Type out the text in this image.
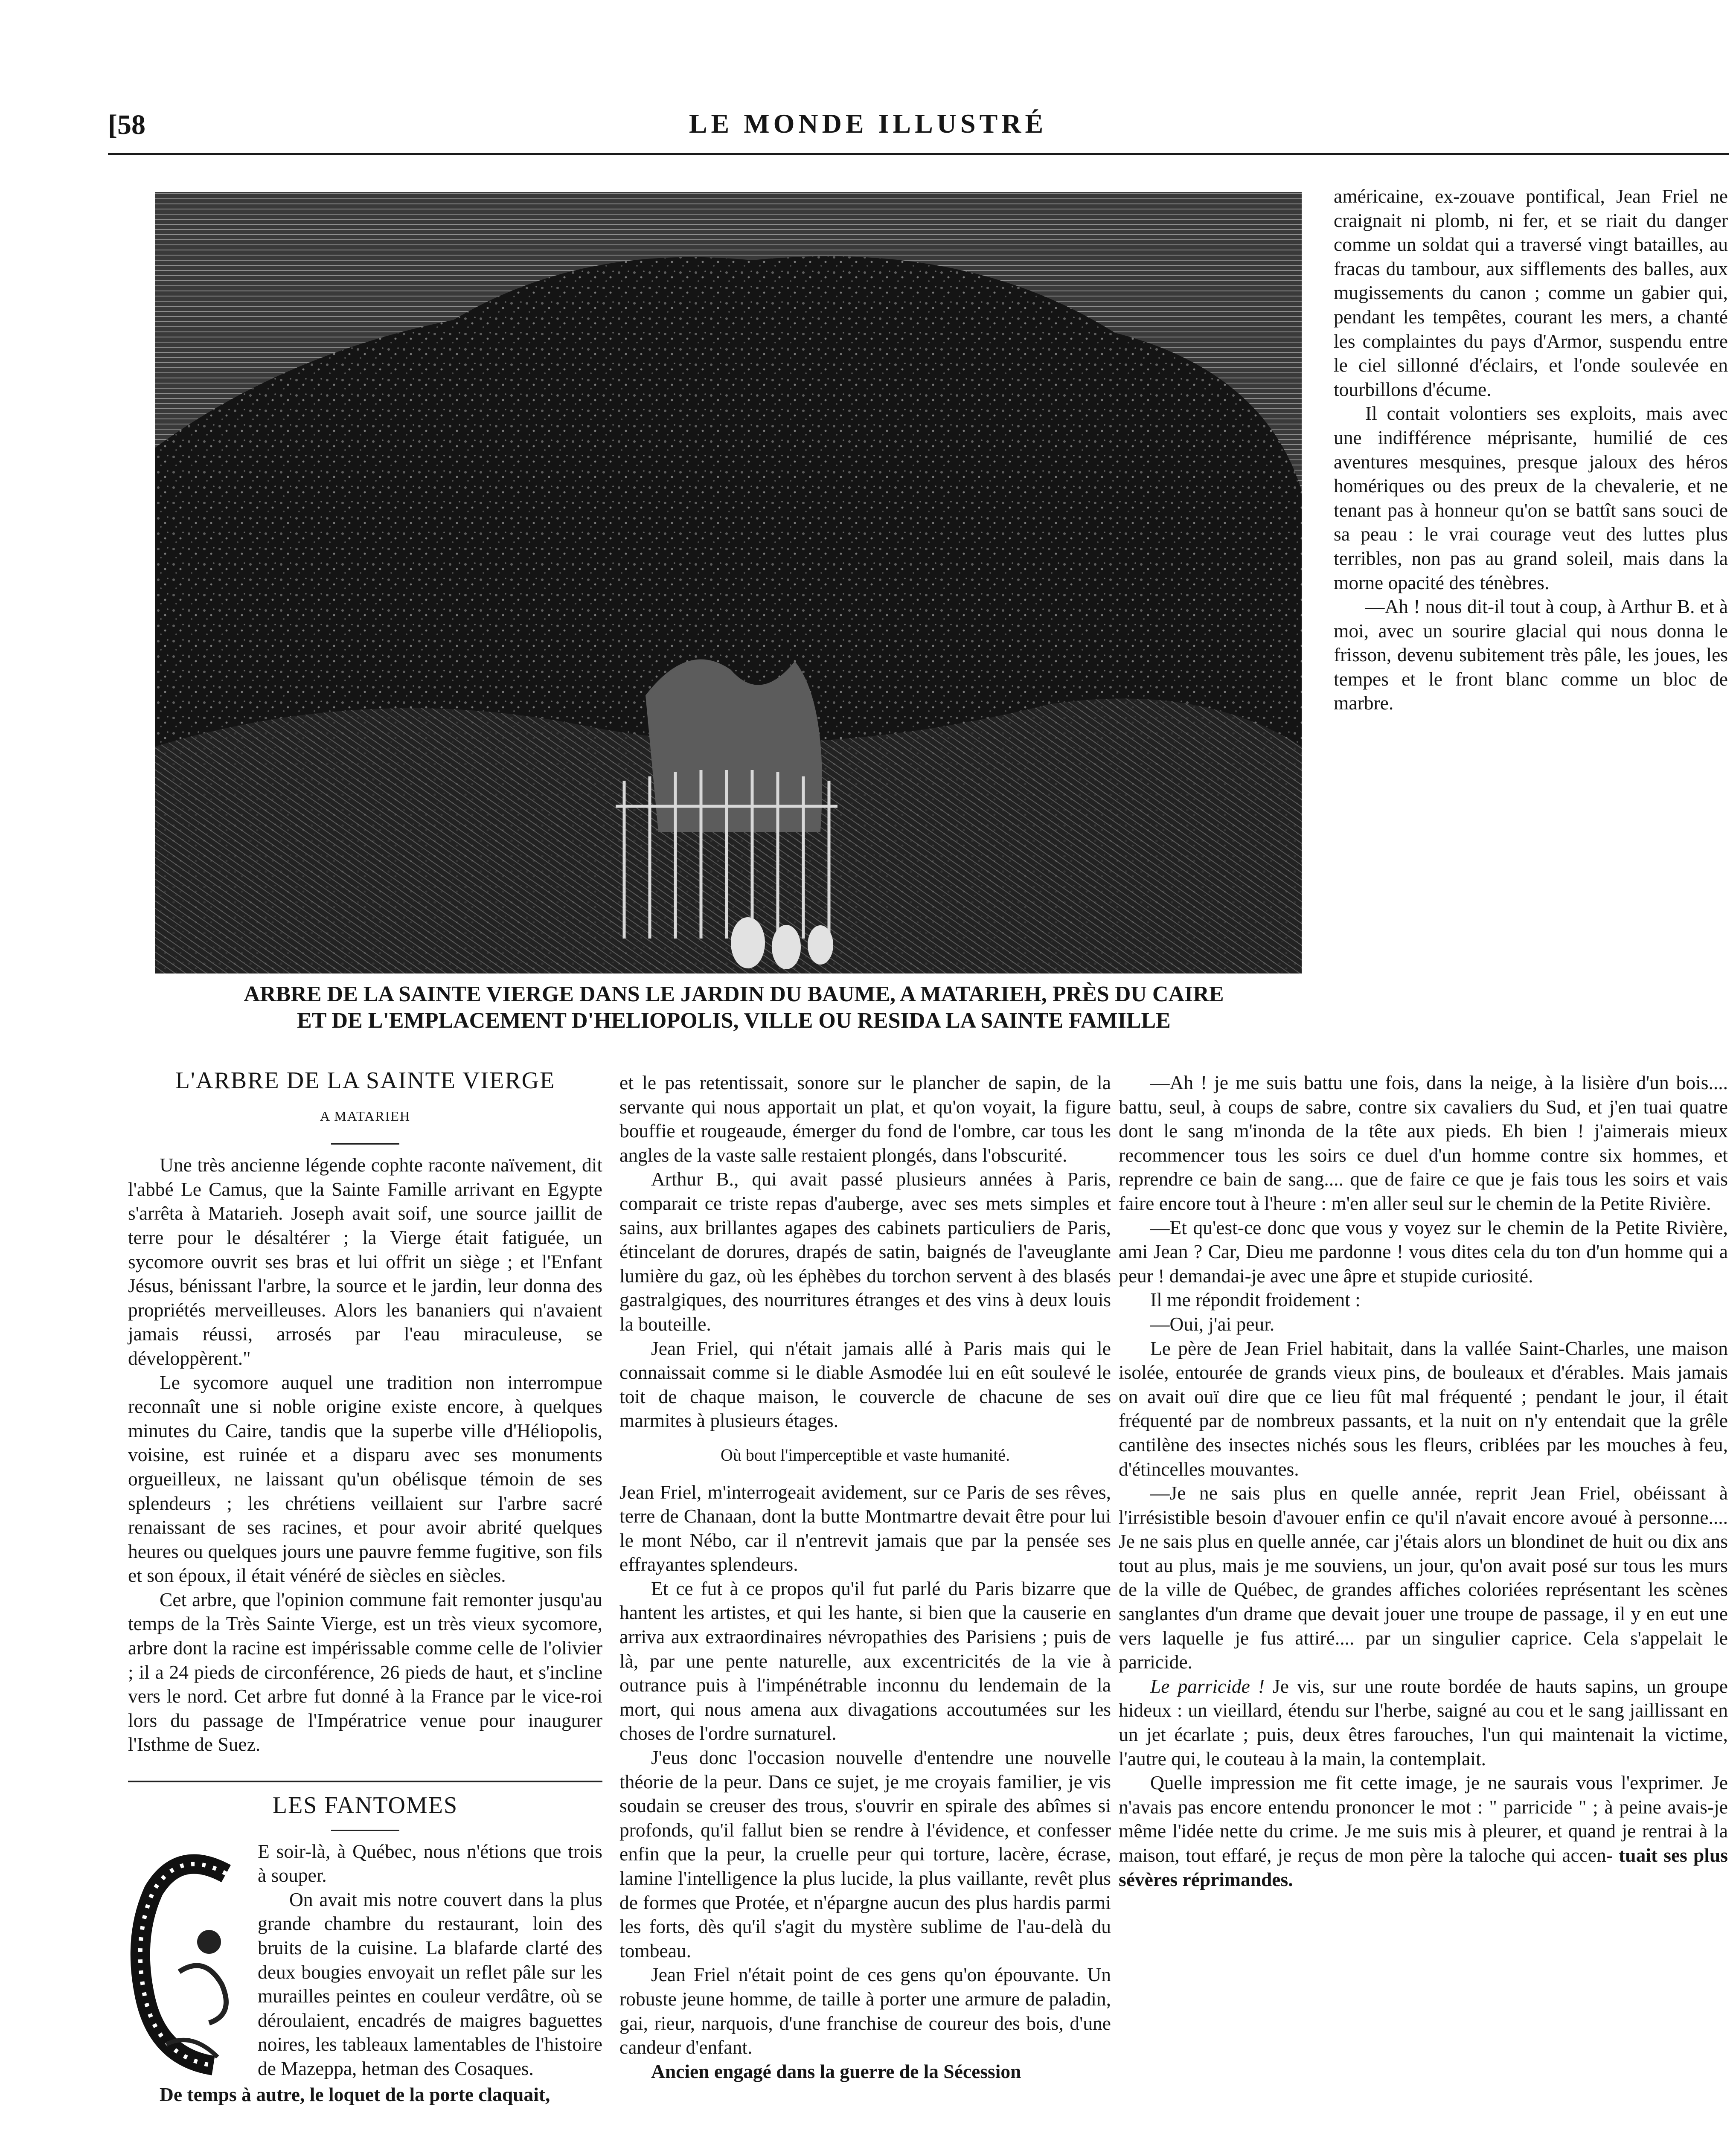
[58	LE MONDE ILLUSTRÉ
ARBRE DE LA SAINTE VIERGE DANS LE JARDIN DU BAUME, A MATARIEH, PRÈS DU CAIRE
ET DE L'EMPLACEMENT D'HELIOPOLIS, VILLE OU RESIDA LA SAINTE FAMILLE

américaine, ex-zouave pontifical, Jean Friel ne craignait ni plomb, ni fer, et se riait du danger comme un soldat qui a traversé vingt batailles, au fracas du tambour, aux sifflements des balles, aux mugissements du canon ; comme un gabier qui, pendant les tempêtes, courant les mers, a chanté les complaintes du pays d'Armor, suspendu entre le ciel sillonné d'éclairs, et l'onde soulevée en tourbillons d'écume.

Il contait volontiers ses exploits, mais avec une indifférence méprisante, humilié de ces aventures mesquines, presque jaloux des héros homériques ou des preux de la chevalerie, et ne tenant pas à honneur qu'on se battît sans souci de sa peau : le vrai courage veut des luttes plus terribles, non pas au grand soleil, mais dans la morne opacité des ténèbres.

—Ah ! nous dit-il tout à coup, à Arthur B. et à moi, avec un sourire glacial qui nous donna le frisson, devenu subitement très pâle, les joues, les tempes et le front blanc comme un bloc de marbre.

L'ARBRE DE LA SAINTE VIERGE
A MATARIEH

Une très ancienne légende cophte raconte naïvement, dit l'abbé Le Camus, que la Sainte Famille arrivant en Egypte s'arrêta à Matarieh. Joseph avait soif, une source jaillit de terre pour le désaltérer ; la Vierge était fatiguée, un sycomore ouvrit ses bras et lui offrit un siège ; et l'Enfant Jésus, bénissant l'arbre, la source et le jardin, leur donna des propriétés merveilleuses. Alors les bananiers qui n'avaient jamais réussi, arrosés par l'eau miraculeuse, se développèrent."

Le sycomore auquel une tradition non interrompue reconnaît une si noble origine existe encore, à quelques minutes du Caire, tandis que la superbe ville d'Héliopolis, voisine, est ruinée et a disparu avec ses monuments orgueilleux, ne laissant qu'un obélisque témoin de ses splendeurs ; les chrétiens veillaient sur l'arbre sacré renaissant de ses racines, et pour avoir abrité quelques heures ou quelques jours une pauvre femme fugitive, son fils et son époux, il était vénéré de siècles en siècles.

Cet arbre, que l'opinion commune fait remonter jusqu'au temps de la Très Sainte Vierge, est un très vieux sycomore, arbre dont la racine est impérissable comme celle de l'olivier ; il a 24 pieds de circonférence, 26 pieds de haut, et s'incline vers le nord. Cet arbre fut donné à la France par le vice-roi lors du passage de l'Impératrice venue pour inaugurer l'Isthme de Suez.

LES FANTOMES

E soir-là, à Québec, nous n'étions que trois à souper.

On avait mis notre couvert dans la plus grande chambre du restaurant, loin des bruits de la cuisine. La blafarde clarté des deux bougies envoyait un reflet pâle sur les murailles peintes en couleur verdâtre, où se déroulaient, encadrés de maigres baguettes noires, les tableaux lamentables de l'histoire de Mazeppa, hetman des Cosaques.

De temps à autre, le loquet de la porte claquait,

et le pas retentissait, sonore sur le plancher de sapin, de la servante qui nous apportait un plat, et qu'on voyait, la figure bouffie et rougeaude, émerger du fond de l'ombre, car tous les angles de la vaste salle restaient plongés, dans l'obscurité.

Arthur B., qui avait passé plusieurs années à Paris, comparait ce triste repas d'auberge, avec ses mets simples et sains, aux brillantes agapes des cabinets particuliers de Paris, étincelant de dorures, drapés de satin, baignés de l'aveuglante lumière du gaz, où les éphèbes du torchon servent à des blasés gastralgiques, des nourritures étranges et des vins à deux louis la bouteille.

Jean Friel, qui n'était jamais allé à Paris mais qui le connaissait comme si le diable Asmodée lui en eût soulevé le toit de chaque maison, le couvercle de chacune de ses marmites à plusieurs étages.

Où bout l'imperceptible et vaste humanité.

Jean Friel, m'interrogeait avidement, sur ce Paris de ses rêves, terre de Chanaan, dont la butte Montmartre devait être pour lui le mont Nébo, car il n'entrevit jamais que par la pensée ses effrayantes splendeurs.

Et ce fut à ce propos qu'il fut parlé du Paris bizarre que hantent les artistes, et qui les hante, si bien que la causerie en arriva aux extraordinaires névropathies des Parisiens ; puis de là, par une pente naturelle, aux excentricités de la vie à outrance puis à l'impénétrable inconnu du lendemain de la mort, qui nous amena aux divagations accoutumées sur les choses de l'ordre surnaturel.

J'eus donc l'occasion nouvelle d'entendre une nouvelle théorie de la peur. Dans ce sujet, je me croyais familier, je vis soudain se creuser des trous, s'ouvrir en spirale des abîmes si profonds, qu'il fallut bien se rendre à l'évidence, et confesser enfin que la peur, la cruelle peur qui torture, lacère, écrase, lamine l'intelligence la plus lucide, la plus vaillante, revêt plus de formes que Protée, et n'épargne aucun des plus hardis parmi les forts, dès qu'il s'agit du mystère sublime de l'au-delà du tombeau.

Jean Friel n'était point de ces gens qu'on épouvante. Un robuste jeune homme, de taille à porter une armure de paladin, gai, rieur, narquois, d'une franchise de coureur des bois, d'une candeur d'enfant.

Ancien engagé dans la guerre de la Sécession

—Ah ! je me suis battu une fois, dans la neige, à la lisière d'un bois.... battu, seul, à coups de sabre, contre six cavaliers du Sud, et j'en tuai quatre dont le sang m'inonda de la tête aux pieds. Eh bien ! j'aimerais mieux recommencer tous les soirs ce duel d'un homme contre six hommes, et reprendre ce bain de sang.... que de faire ce que je fais tous les soirs et vais faire encore tout à l'heure : m'en aller seul sur le chemin de la Petite Rivière.

—Et qu'est-ce donc que vous y voyez sur le chemin de la Petite Rivière, ami Jean ? Car, Dieu me pardonne ! vous dites cela du ton d'un homme qui a peur ! demandai-je avec une âpre et stupide curiosité.

Il me répondit froidement :

—Oui, j'ai peur.

Le père de Jean Friel habitait, dans la vallée Saint-Charles, une maison isolée, entourée de grands vieux pins, de bouleaux et d'érables. Mais jamais on avait ouï dire que ce lieu fût mal fréquenté ; pendant le jour, il était fréquenté par de nombreux passants, et la nuit on n'y entendait que la grêle cantilène des insectes nichés sous les fleurs, criblées par les mouches à feu, d'étincelles mouvantes.

—Je ne sais plus en quelle année, reprit Jean Friel, obéissant à l'irrésistible besoin d'avouer enfin ce qu'il n'avait encore avoué à personne.... Je ne sais plus en quelle année, car j'étais alors un blondinet de huit ou dix ans tout au plus, mais je me souviens, un jour, qu'on avait posé sur tous les murs de la ville de Québec, de grandes affiches coloriées représentant les scènes sanglantes d'un drame que devait jouer une troupe de passage, il y en eut une vers laquelle je fus attiré.... par un singulier caprice. Cela s'appelait le parricide.

Le parricide ! Je vis, sur une route bordée de hauts sapins, un groupe hideux : un vieillard, étendu sur l'herbe, saigné au cou et le sang jaillissant en un jet écarlate ; puis, deux êtres farouches, l'un qui maintenait la victime, l'autre qui, le couteau à la main, la contemplait.

Quelle impression me fit cette image, je ne saurais vous l'exprimer. Je n'avais pas encore entendu prononcer le mot : " parricide " ; à peine avais-je même l'idée nette du crime. Je me suis mis à pleurer, et quand je rentrai à la maison, tout effaré, je reçus de mon père la taloche qui accen- tuait ses plus sévères réprimandes.
